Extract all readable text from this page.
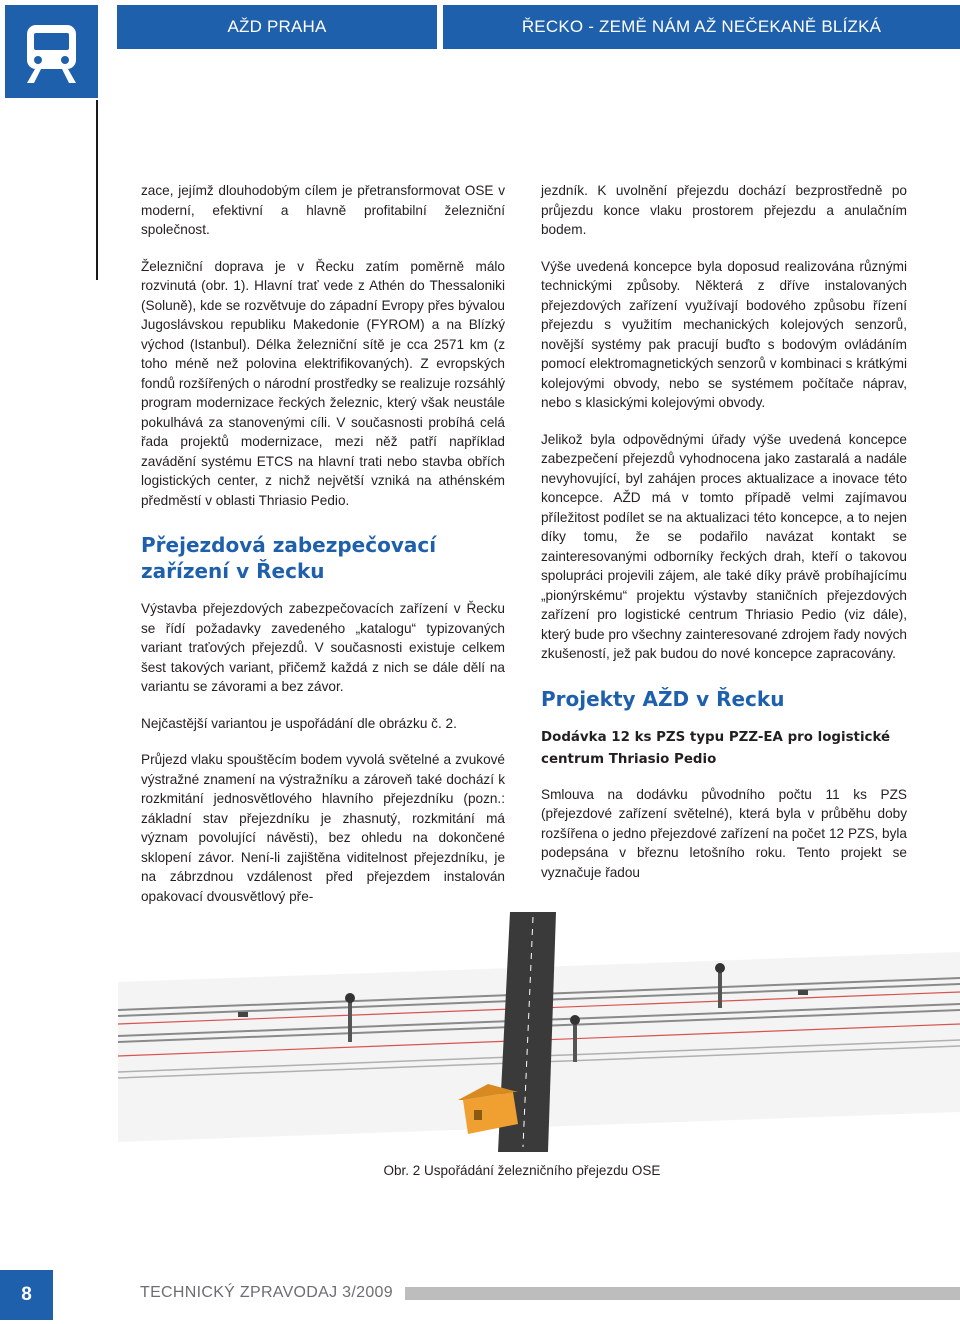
AŽD PRAHA	ŘECKO - ZEMĚ NÁM AŽ NEČEKANĚ BLÍZKÁ

zace, jejímž dlouhodobým cílem je přetransformovat OSE v moderní, efektivní a hlavně profitabilní železniční společnost.

Železniční doprava je v Řecku zatím poměrně málo rozvinutá (obr. 1). Hlavní trať vede z Athén do Thessaloniki (Soluně), kde se rozvětvuje do západní Evropy přes bývalou Jugoslávskou republiku Makedonie (FYROM) a na Blízký východ (Istanbul). Délka železniční sítě je cca 2571 km (z toho méně než polovina elektrifikovaných). Z evropských fondů rozšířených o národní prostředky se realizuje rozsáhlý program modernizace řeckých železnic, který však neustále pokulhává za stanovenými cíli. V současnosti probíhá celá řada projektů modernizace, mezi něž patří například zavádění systému ETCS na hlavní trati nebo stavba obřích logistických center, z nichž největší vzniká na athénském předměstí v oblasti Thriasio Pedio.

Přejezdová zabezpečovací zařízení v Řecku

Výstavba přejezdových zabezpečovacích zařízení v Řecku se řídí požadavky zavedeného „katalogu“ typizovaných variant traťových přejezdů. V současnosti existuje celkem šest takových variant, přičemž každá z nich se dále dělí na variantu se závorami a bez závor.

Nejčastější variantou je uspořádání dle obrázku č. 2.

Průjezd vlaku spouštěcím bodem vyvolá světelné a zvukové výstražné znamení na výstražníku a zároveň také dochází k rozkmitání jednosvětlového hlavního přejezdníku (pozn.: základní stav přejezdníku je zhasnutý, rozkmitání má význam povolující návěsti), bez ohledu na dokončené sklopení závor. Není-li zajištěna viditelnost přejezdníku, je na zábrzdnou vzdálenost před přejezdem instalován opakovací dvousvětlový pře-

jezdník. K uvolnění přejezdu dochází bezprostředně po průjezdu konce vlaku prostorem přejezdu a anulačním bodem.

Výše uvedená koncepce byla doposud realizována různými technickými způsoby. Některá z dříve instalovaných přejezdových zařízení využívají bodového způsobu řízení přejezdu s využitím mechanických kolejových senzorů, novější systémy pak pracují buďto s bodovým ovládáním pomocí elektromagnetických senzorů v kombinaci s krátkými kolejovými obvody, nebo se systémem počítače náprav, nebo s klasickými kolejovými obvody.

Jelikož byla odpovědnými úřady výše uvedená koncepce zabezpečení přejezdů vyhodnocena jako zastaralá a nadále nevyhovující, byl zahájen proces aktualizace a inovace této koncepce. AŽD má v tomto případě velmi zajímavou příležitost podílet se na aktualizaci této koncepce, a to nejen díky tomu, že se podařilo navázat kontakt se zainteresovanými odborníky řeckých drah, kteří o takovou spolupráci projevili zájem, ale také díky právě probíhajícímu „pionýrskému“ projektu výstavby staničních přejezdových zařízení pro logistické centrum Thriasio Pedio (viz dále), který bude pro všechny zainteresované zdrojem řady nových zkušeností, jež pak budou do nové koncepce zapracovány.

Projekty AŽD v Řecku
Dodávka 12 ks PZS typu PZZ-EA pro logistické centrum Thriasio Pedio

Smlouva na dodávku původního počtu 11 ks PZS (přejezdové zařízení světelné), která byla v průběhu doby rozšířena o jedno přejezdové zařízení na počet 12 PZS, byla podepsána v březnu letošního roku. Tento projekt se vyznačuje řadou

Obr. 2 Uspořádání železničního přejezdu OSE
8	TECHNICKÝ ZPRAVODAJ 3/2009
